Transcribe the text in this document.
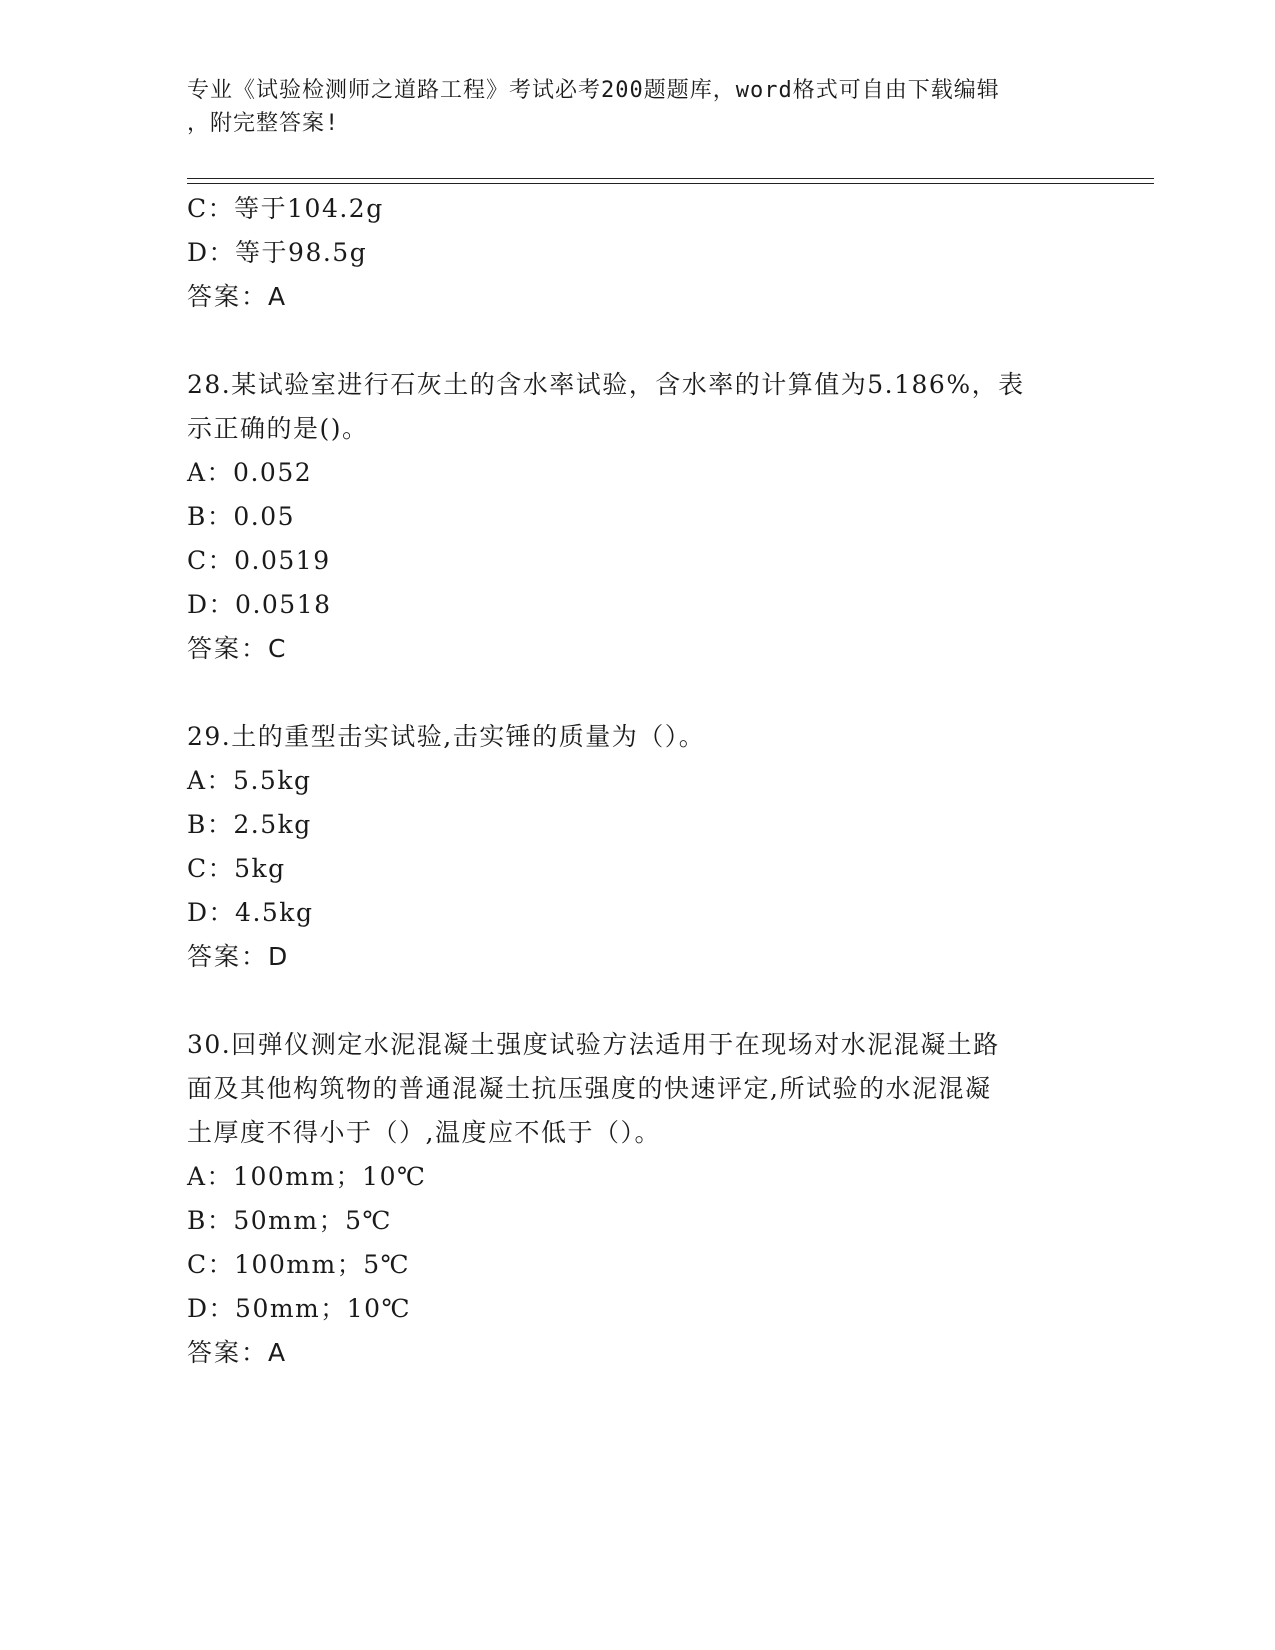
专业《试验检测师之道路工程》考试必考200题题库，word格式可自由下载编辑
，附完整答案!
C：等于104.2g
D：等于98.5g
答案：A
28.某试验室进行石灰土的含水率试验，含水率的计算值为5.186%，表
示正确的是()。
A：0.052
B：0.05
C：0.0519
D：0.0518
答案：C
29.土的重型击实试验,击实锤的质量为（）。
A：5.5kg
B：2.5kg
C：5kg
D：4.5kg
答案：D
30.回弹仪测定水泥混凝土强度试验方法适用于在现场对水泥混凝土路
面及其他构筑物的普通混凝土抗压强度的快速评定,所试验的水泥混凝
土厚度不得小于（）,温度应不低于（）。
A：100mm；10℃
B：50mm；5℃
C：100mm；5℃
D：50mm；10℃
答案：A
